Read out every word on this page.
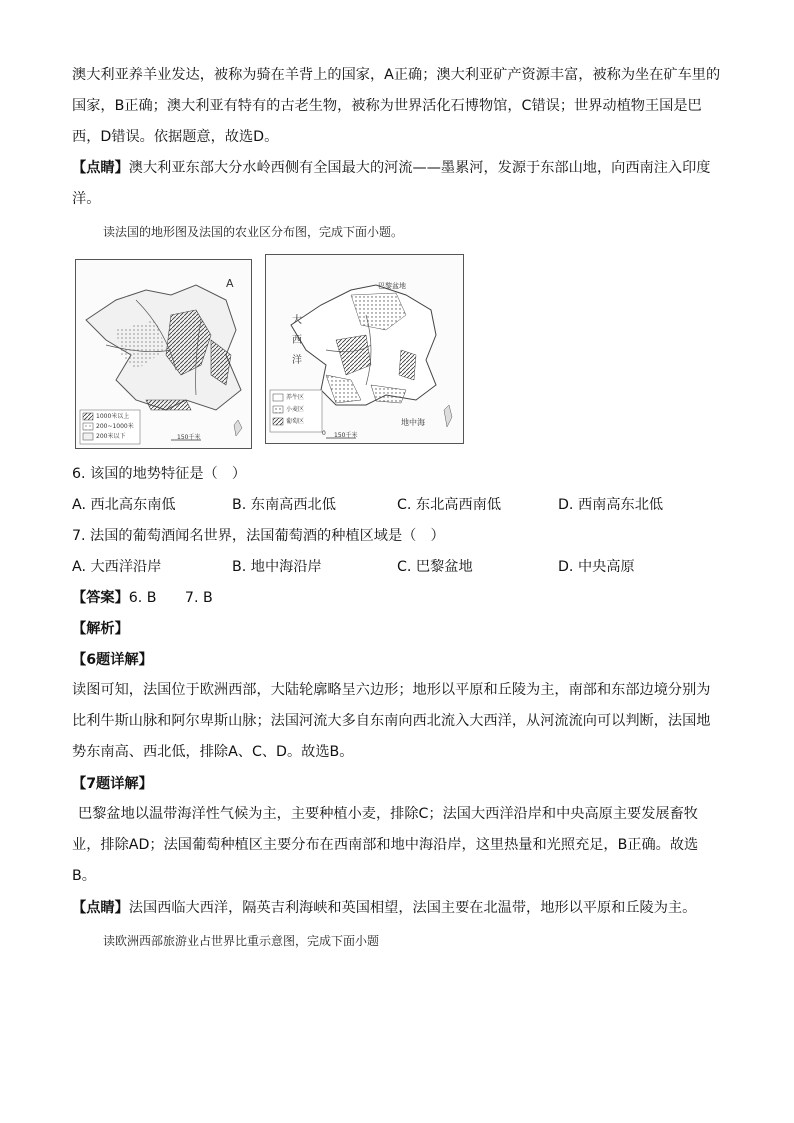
澳大利亚养羊业发达，被称为骑在羊背上的国家，A正确；澳大利亚矿产资源丰富，被称为坐在矿车里的国家，B正确；澳大利亚有特有的古老生物，被称为世界活化石博物馆，C错误；世界动植物王国是巴西，D错误。依据题意，故选D。
【点睛】澳大利亚东部大分水岭西侧有全国最大的河流——墨累河，发源于东部山地，向西南注入印度洋。
读法国的地形图及法国的农业区分布图，完成下面小题。
A
1000米以上
200~1000米
200米以下	150千米
巴黎盆地
大
西
洋
养牛区
小麦区
葡萄区	地中海
0 150千米
6. 该国的地势特征是（　）
A. 西北高东南低	B. 东南高西北低	C. 东北高西南低	D. 西南高东北低
7. 法国的葡萄酒闻名世界，法国葡萄酒的种植区域是（　）
A. 大西洋沿岸	B. 地中海沿岸	C. 巴黎盆地	D. 中央高原
【答案】6. B　　7. B
【解析】
【6题详解】
读图可知，法国位于欧洲西部，大陆轮廓略呈六边形；地形以平原和丘陵为主，南部和东部边境分别为比利牛斯山脉和阿尔卑斯山脉；法国河流大多自东南向西北流入大西洋，从河流流向可以判断，法国地势东南高、西北低，排除A、C、D。故选B。
【7题详解】
巴黎盆地以温带海洋性气候为主，主要种植小麦，排除C；法国大西洋沿岸和中央高原主要发展畜牧业，排除AD；法国葡萄种植区主要分布在西南部和地中海沿岸，这里热量和光照充足，B正确。故选B。
【点睛】法国西临大西洋，隔英吉利海峡和英国相望，法国主要在北温带，地形以平原和丘陵为主。
读欧洲西部旅游业占世界比重示意图，完成下面小题
